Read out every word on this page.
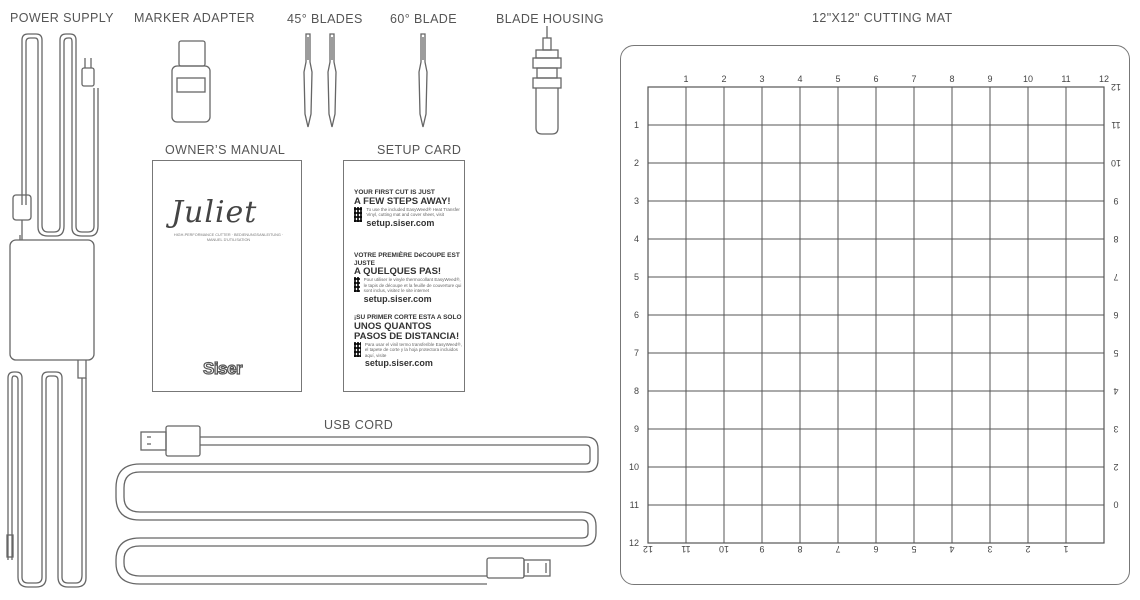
POWER SUPPLY MARKER ADAPTER	45° BLADES 60° BLADE	BLADE HOUSING	12"X12" CUTTING MAT
OWNER’S MANUAL	SETUP CARD
USB CORD
Juliet
HIGH-PERFORMANCE CUTTER · BEDIENUNGSANLEITUNG · MANUEL D'UTILISATION
Siser
YOUR FIRST CUT IS JUST
A FEW STEPS AWAY!
To use the included EasyWeed® Heat Transfer Vinyl, cutting mat and cover sheet, visit
setup.siser.com
VOTRE PREMIÈRE DéCOUPE EST JUSTE
A QUELQUES PAS!
Pour utiliser le vinyle thermocollant EasyWeed®, le tapis de découpe et la feuille de couverture qui sont inclus, visitez le site internet
setup.siser.com
¡SU PRIMER CORTE ESTA A SOLO
UNOS QUANTOS PASOS DE DISTANCIA!
Para usar el vinil termo transferible EasyWeed®, el tapete de corte y la hoja protectora incluidos aquí, visite
setup.siser.com
1	2	3	4	5	6	7	8	9	10	11	12
1
2
3
4
5
6
7
8
9
10
11
12
12	11	10	9	8	7	6	5	4	3	2	1
12
11
10
9
8
7
6
5
4
3
2
0
